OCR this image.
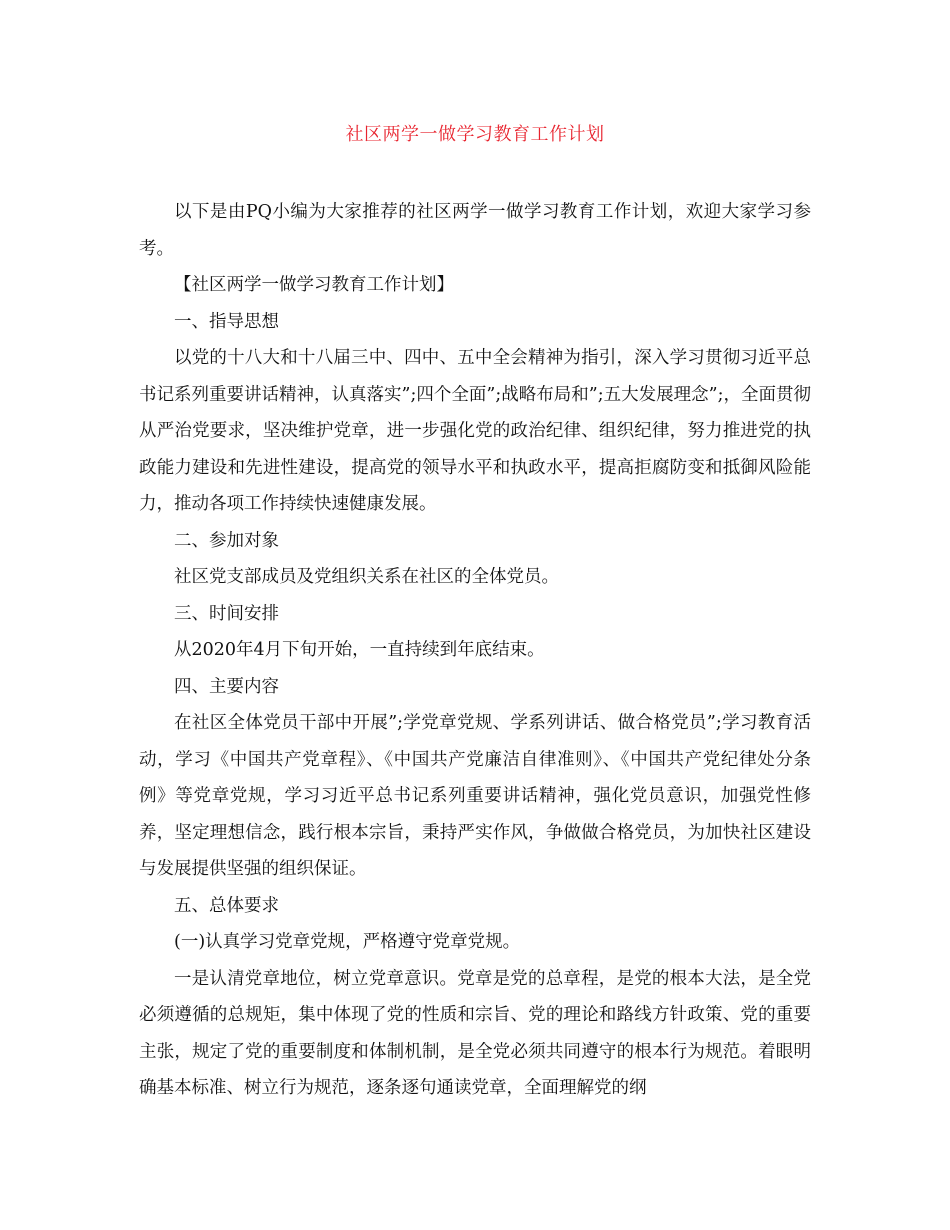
社区两学一做学习教育工作计划

以下是由PQ小编为大家推荐的社区两学一做学习教育工作计划，欢迎大家学习参考。

【社区两学一做学习教育工作计划】

一、指导思想

以党的十八大和十八届三中、四中、五中全会精神为指引，深入学习贯彻习近平总书记系列重要讲话精神，认真落实”;四个全面”;战略布局和”;五大发展理念”;，全面贯彻从严治党要求，坚决维护党章，进一步强化党的政治纪律、组织纪律，努力推进党的执政能力建设和先进性建设，提高党的领导水平和执政水平，提高拒腐防变和抵御风险能力，推动各项工作持续快速健康发展。

二、参加对象

社区党支部成员及党组织关系在社区的全体党员。

三、时间安排

从2020年4月下旬开始，一直持续到年底结束。

四、主要内容

在社区全体党员干部中开展”;学党章党规、学系列讲话、做合格党员”;学习教育活动，学习《中国共产党章程》、《中国共产党廉洁自律准则》、《中国共产党纪律处分条例》等党章党规，学习习近平总书记系列重要讲话精神，强化党员意识，加强党性修养，坚定理想信念，践行根本宗旨，秉持严实作风，争做做合格党员，为加快社区建设与发展提供坚强的组织保证。

五、总体要求

(一)认真学习党章党规，严格遵守党章党规。

一是认清党章地位，树立党章意识。党章是党的总章程，是党的根本大法，是全党必须遵循的总规矩，集中体现了党的性质和宗旨、党的理论和路线方针政策、党的重要主张，规定了党的重要制度和体制机制，是全党必须共同遵守的根本行为规范。着眼明确基本标准、树立行为规范，逐条逐句通读党章，全面理解党的纲
